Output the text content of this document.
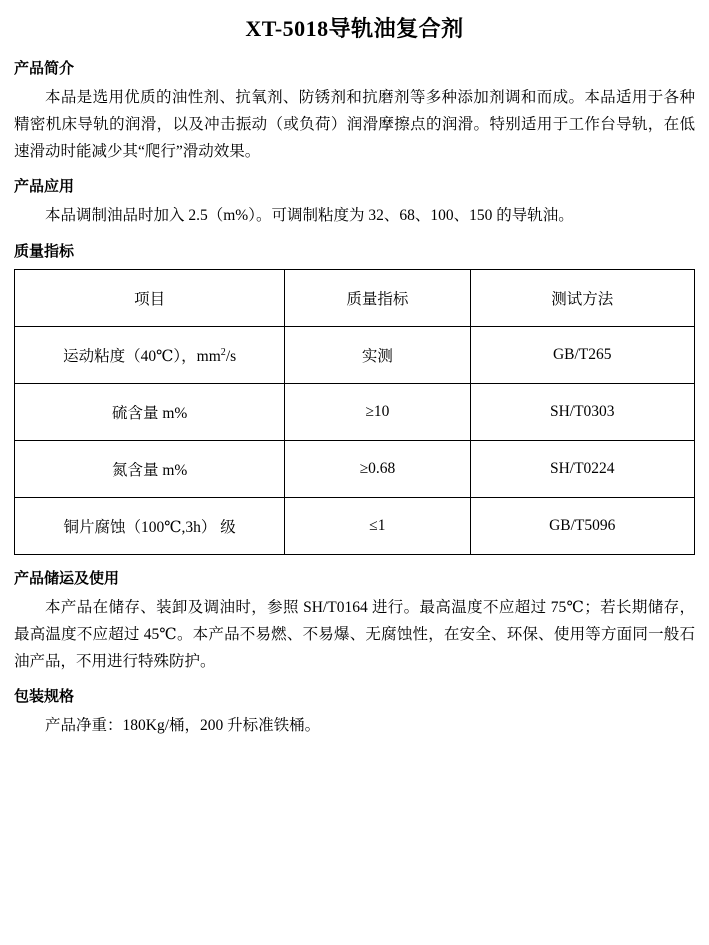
XT-5018导轨油复合剂
产品简介

本品是选用优质的油性剂、抗氧剂、防锈剂和抗磨剂等多种添加剂调和而成。本品适用于各种精密机床导轨的润滑，以及冲击振动（或负荷）润滑摩擦点的润滑。特别适用于工作台导轨，在低速滑动时能减少其“爬行”滑动效果。

产品应用

本品调制油品时加入 2.5（m%）。可调制粘度为 32、68、100、150 的导轨油。

质量指标
项目	质量指标	测试方法
运动粘度（40℃），$mm^2/s$	实测	GB/T265
硫含量 m%	≥10	SH/T0303
氮含量 m%	≥0.68	SH/T0224
铜片腐蚀（100℃,3h） 级	≤1	GB/T5096
产品储运及使用

本产品在储存、装卸及调油时，参照 SH/T0164 进行。最高温度不应超过 75℃；若长期储存，最高温度不应超过 45℃。本产品不易燃、不易爆、无腐蚀性，在安全、环保、使用等方面同一般石油产品，不用进行特殊防护。

包装规格

产品净重：180Kg/桶，200 升标准铁桶。
